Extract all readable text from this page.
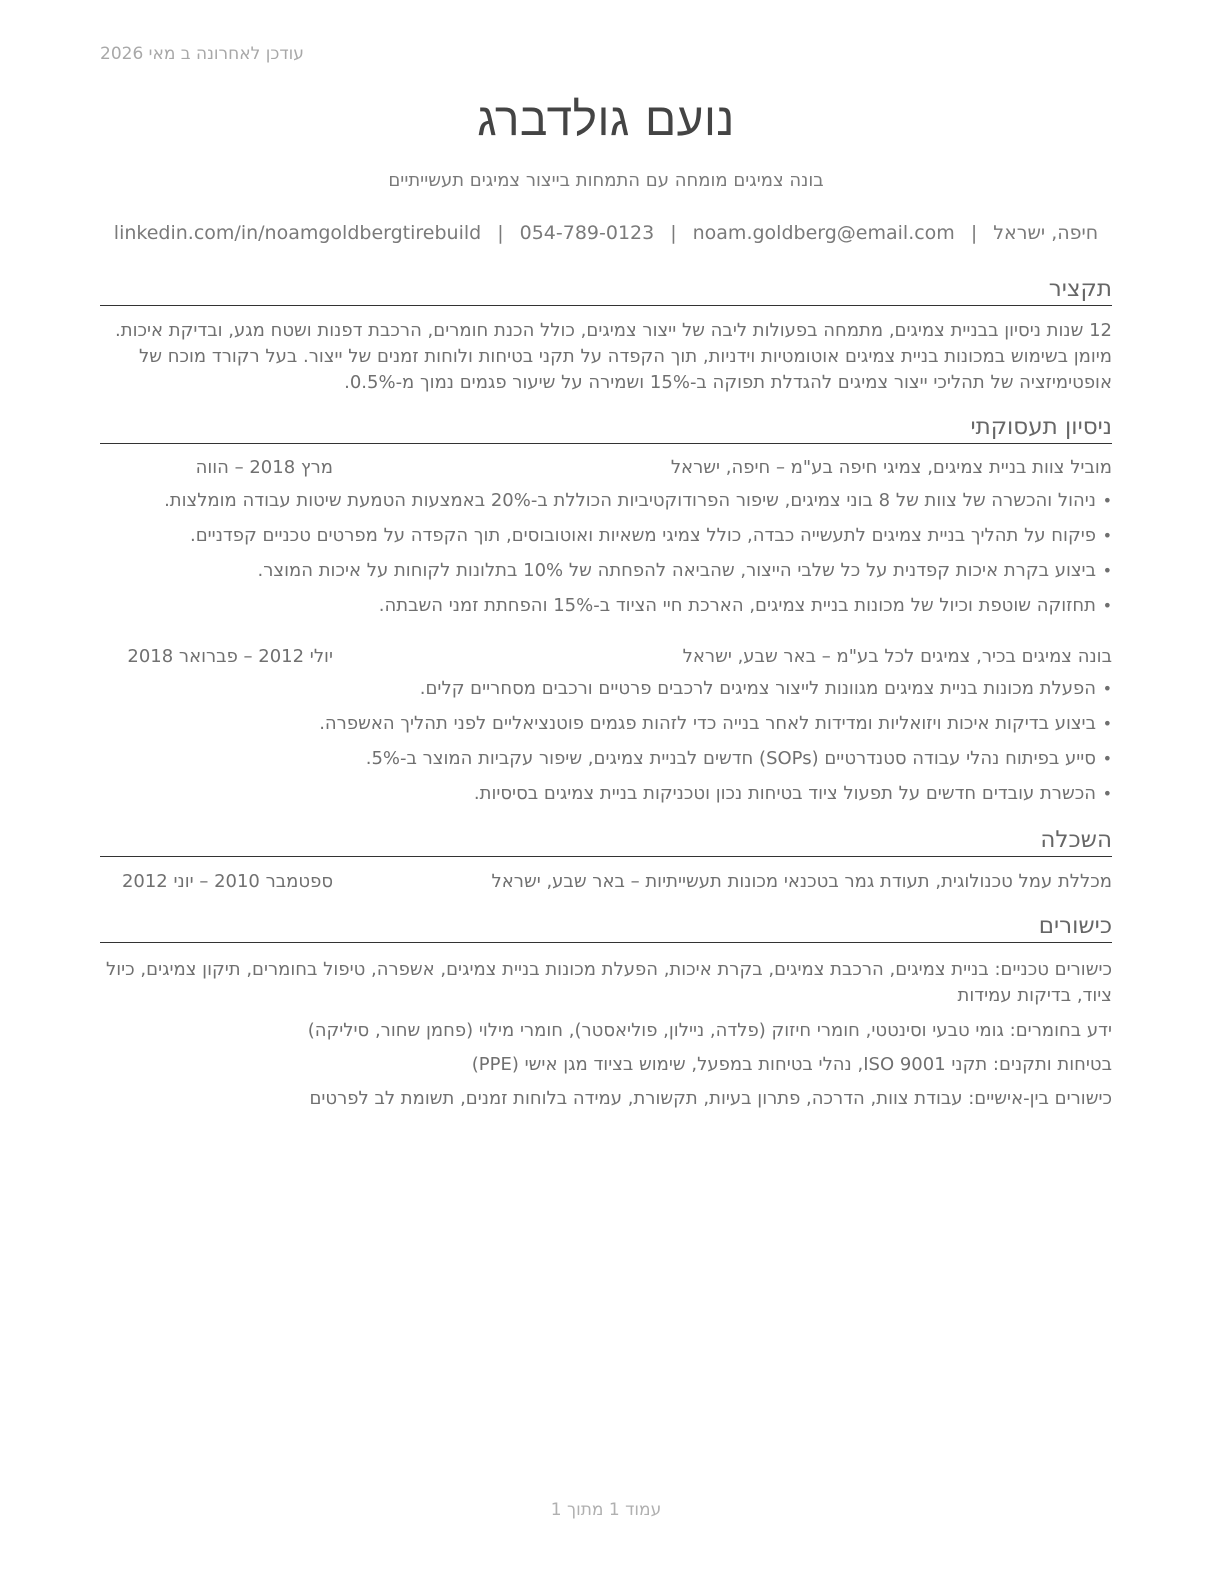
עודכן לאחרונה ב מאי 2026
נועם גולדברג
בונה צמיגים מומחה עם התמחות בייצור צמיגים תעשייתיים
חיפה, ישראל|noam.goldberg@email.com|054-789-0123|linkedin.com/in/noamgoldbergtirebuild
תקציר
12 שנות ניסיון בבניית צמיגים, מתמחה בפעולות ליבה של ייצור צמיגים, כולל הכנת חומרים, הרכבת דפנות ושטח מגע, ובדיקת איכות. מיומן בשימוש במכונות בניית צמיגים אוטומטיות וידניות, תוך הקפדה על תקני בטיחות ולוחות זמנים של ייצור. בעל רקורד מוכח של אופטימיזציה של תהליכי ייצור צמיגים להגדלת תפוקה ב-15% ושמירה על שיעור פגמים נמוך מ-0.5%.
ניסיון תעסוקתי
מוביל צוות בניית צמיגים, צמיגי חיפה בע"מ – חיפה, ישראל
מרץ 2018 – הווה
•
ניהול והכשרה של צוות של 8 בוני צמיגים, שיפור הפרודוקטיביות הכוללת ב-20% באמצעות הטמעת שיטות עבודה מומלצות.
•
פיקוח על תהליך בניית צמיגים לתעשייה כבדה, כולל צמיגי משאיות ואוטובוסים, תוך הקפדה על מפרטים טכניים קפדניים.
•
ביצוע בקרת איכות קפדנית על כל שלבי הייצור, שהביאה להפחתה של 10% בתלונות לקוחות על איכות המוצר.
•
תחזוקה שוטפת וכיול של מכונות בניית צמיגים, הארכת חיי הציוד ב-15% והפחתת זמני השבתה.
בונה צמיגים בכיר, צמיגים לכל בע"מ – באר שבע, ישראל
יולי 2012 – פברואר 2018
•
הפעלת מכונות בניית צמיגים מגוונות לייצור צמיגים לרכבים פרטיים ורכבים מסחריים קלים.
•
ביצוע בדיקות איכות ויזואליות ומדידות לאחר בנייה כדי לזהות פגמים פוטנציאליים לפני תהליך האשפרה.
•
סייע בפיתוח נהלי עבודה סטנדרטיים (SOPs) חדשים לבניית צמיגים, שיפור עקביות המוצר ב-5%.
•
הכשרת עובדים חדשים על תפעול ציוד בטיחות נכון וטכניקות בניית צמיגים בסיסיות.
השכלה
מכללת עמל טכנולוגית, תעודת גמר בטכנאי מכונות תעשייתיות – באר שבע, ישראל
ספטמבר 2010 – יוני 2012
כישורים
כישורים טכניים: בניית צמיגים, הרכבת צמיגים, בקרת איכות, הפעלת מכונות בניית צמיגים, אשפרה, טיפול בחומרים, תיקון צמיגים, כיול ציוד, בדיקות עמידות
ידע בחומרים: גומי טבעי וסינטטי, חומרי חיזוק (פלדה, ניילון, פוליאסטר), חומרי מילוי (פחמן שחור, סיליקה)
בטיחות ותקנים: תקני ISO 9001, נהלי בטיחות במפעל, שימוש בציוד מגן אישי (PPE)
כישורים בין-אישיים: עבודת צוות, הדרכה, פתרון בעיות, תקשורת, עמידה בלוחות זמנים, תשומת לב לפרטים
עמוד 1 מתוך 1
